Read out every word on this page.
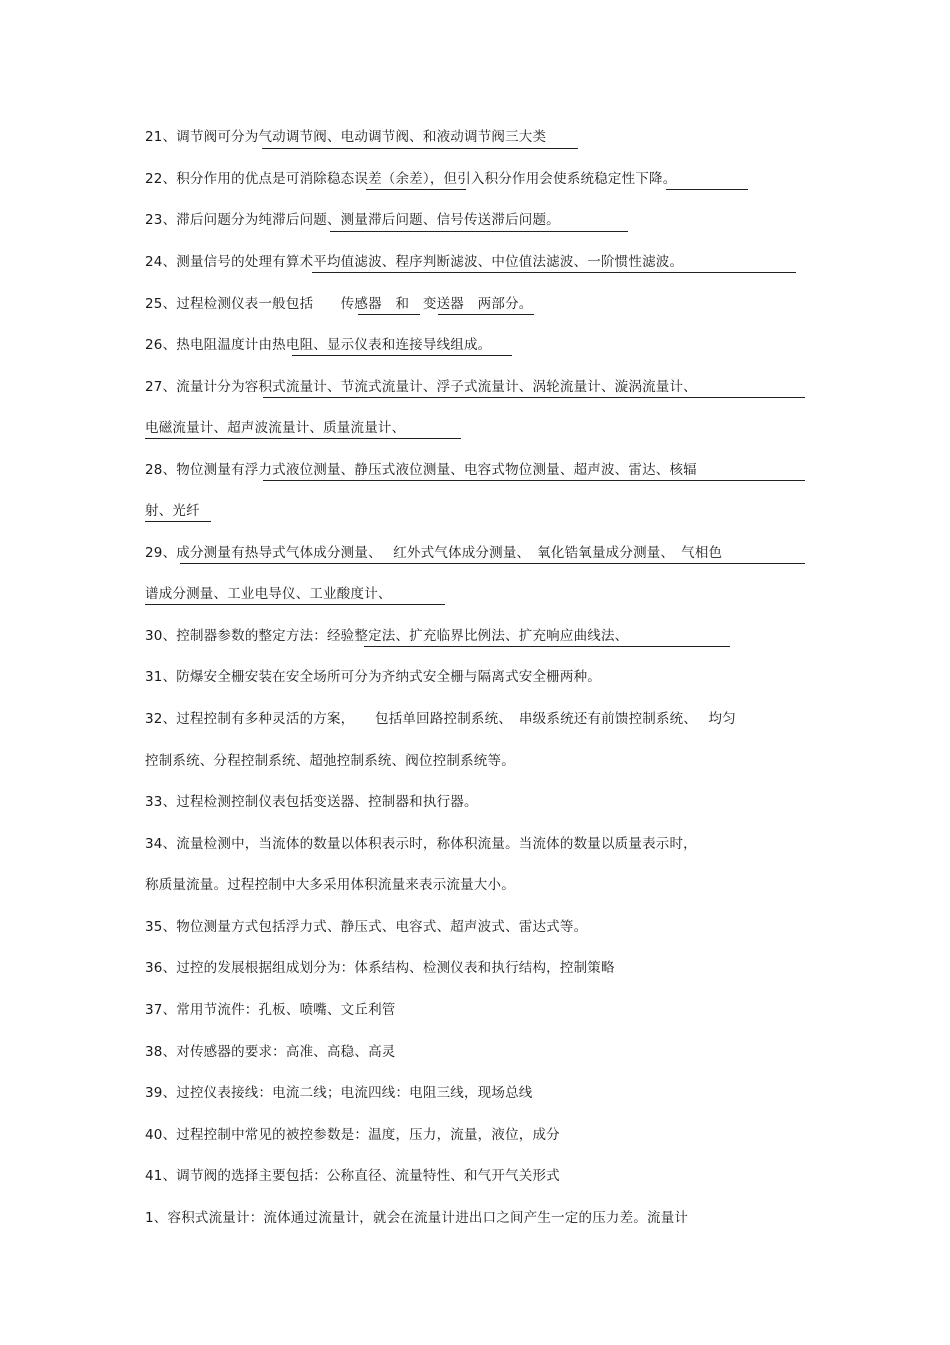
21、调节阀可分为气动调节阀、电动调节阀、和液动调节阀三大类
22、积分作用的优点是可消除稳态误差（余差），但引入积分作用会使系统稳定性下降。
23、滞后问题分为纯滞后问题、测量滞后问题、信号传送滞后问题。
24、测量信号的处理有算术平均值滤波、程序判断滤波、中位值法滤波、一阶惯性滤波。
25、过程检测仪表一般包括　　传感器　和　变送器　两部分。
26、热电阻温度计由热电阻、显示仪表和连接导线组成。
27、流量计分为容积式流量计、节流式流量计、浮子式流量计、涡轮流量计、漩涡流量计、
电磁流量计、超声波流量计、质量流量计、
28、物位测量有浮力式液位测量、静压式液位测量、电容式物位测量、超声波、雷达、核辐
射、光纤
29、成分测量有热导式气体成分测量、　 红外式气体成分测量、　氧化锆氧量成分测量、　气相色
谱成分测量、工业电导仪、工业酸度计、
30、控制器参数的整定方法：经验整定法、扩充临界比例法、扩充响应曲线法、
31、防爆安全栅安装在安全场所可分为齐纳式安全栅与隔离式安全栅两种。
32、过程控制有多种灵活的方案，　　包括单回路控制系统、　串级系统还有前馈控制系统、　 均匀
控制系统、分程控制系统、超弛控制系统、阀位控制系统等。
33、过程检测控制仪表包括变送器、控制器和执行器。
34、流量检测中，当流体的数量以体积表示时，称体积流量。当流体的数量以质量表示时，
称质量流量。过程控制中大多采用体积流量来表示流量大小。
35、物位测量方式包括浮力式、静压式、电容式、超声波式、雷达式等。
36、过控的发展根据组成划分为：体系结构、检测仪表和执行结构，控制策略
37、常用节流件：孔板、喷嘴、文丘利管
38、对传感器的要求：高准、高稳、高灵
39、过控仪表接线：电流二线；电流四线：电阻三线，现场总线
40、过程控制中常见的被控参数是：温度，压力，流量，液位，成分
41、调节阀的选择主要包括：公称直径、流量特性、和气开气关形式
1、容积式流量计：流体通过流量计，就会在流量计进出口之间产生一定的压力差。流量计
